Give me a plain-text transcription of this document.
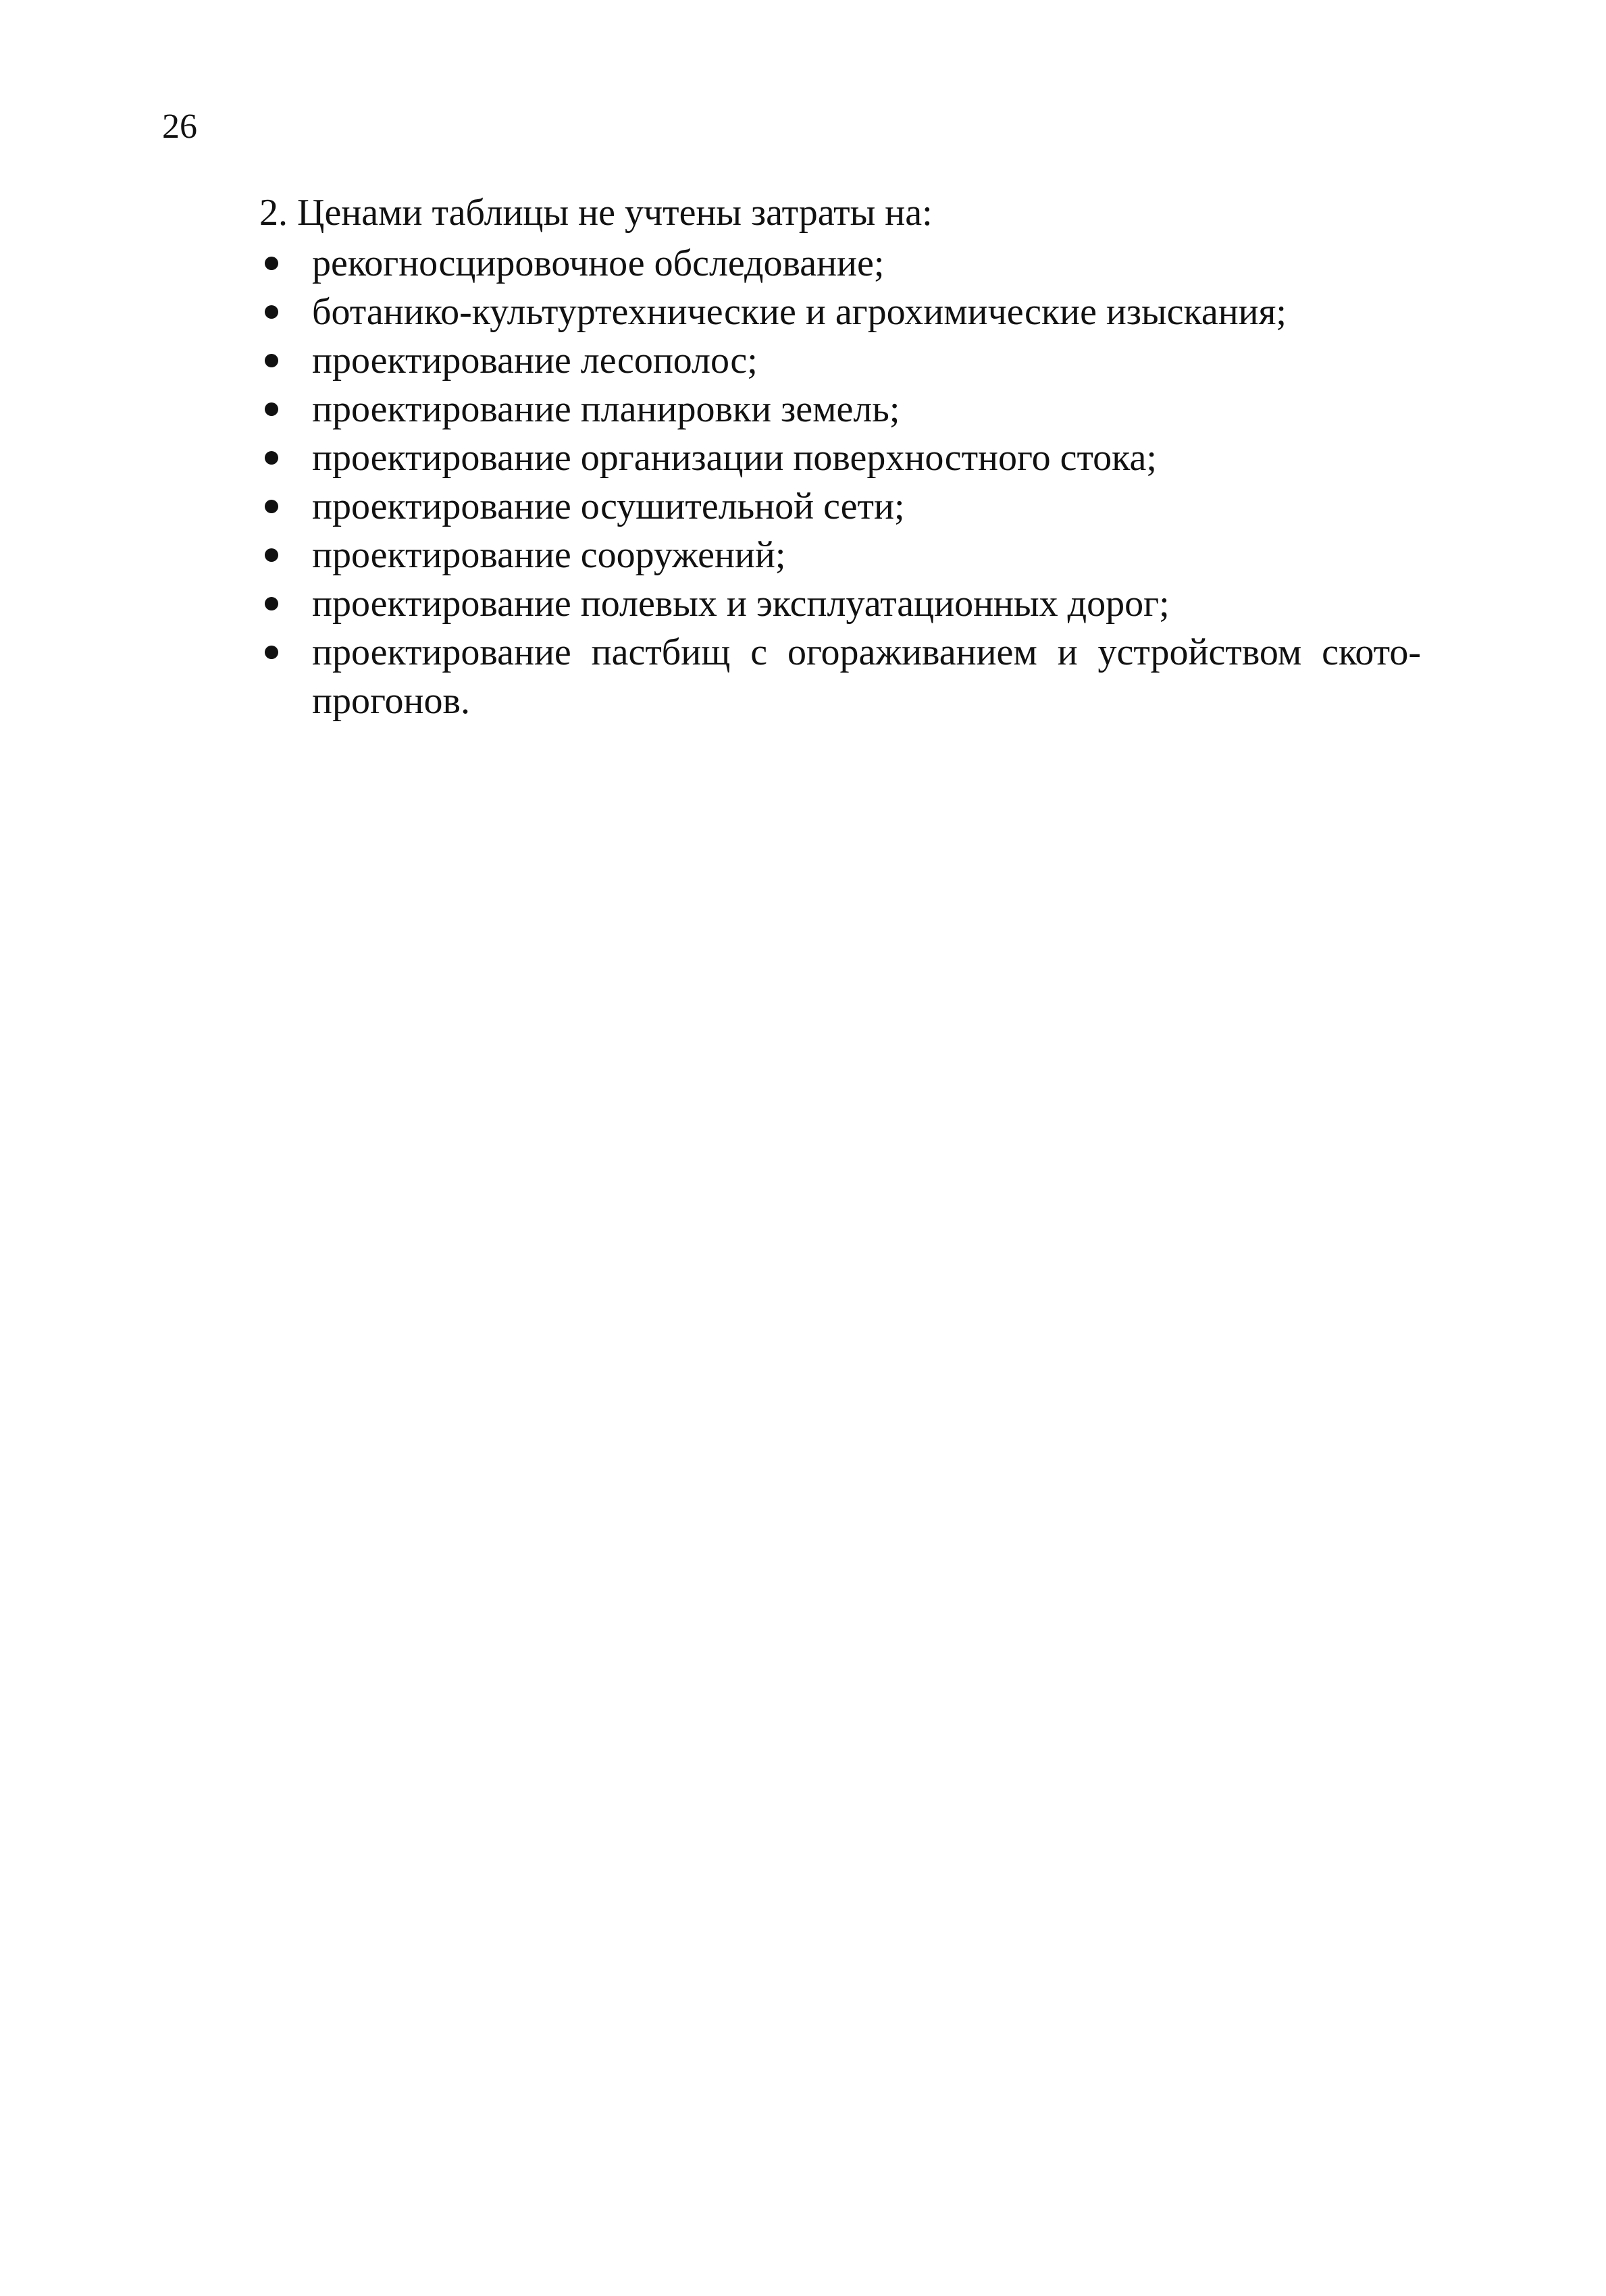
26
2. Ценами таблицы не учтены затраты на:
рекогносцировочное обследование;
ботанико-культуртехнические и агрохимические изыскания;
проектирование лесополос;
проектирование планировки земель;
проектирование организации поверхностного стока;
проектирование осушительной сети;
проектирование сооружений;
проектирование полевых и эксплуатационных дорог;
проектирование пастбищ с огораживанием и устройством ското-прогонов.
